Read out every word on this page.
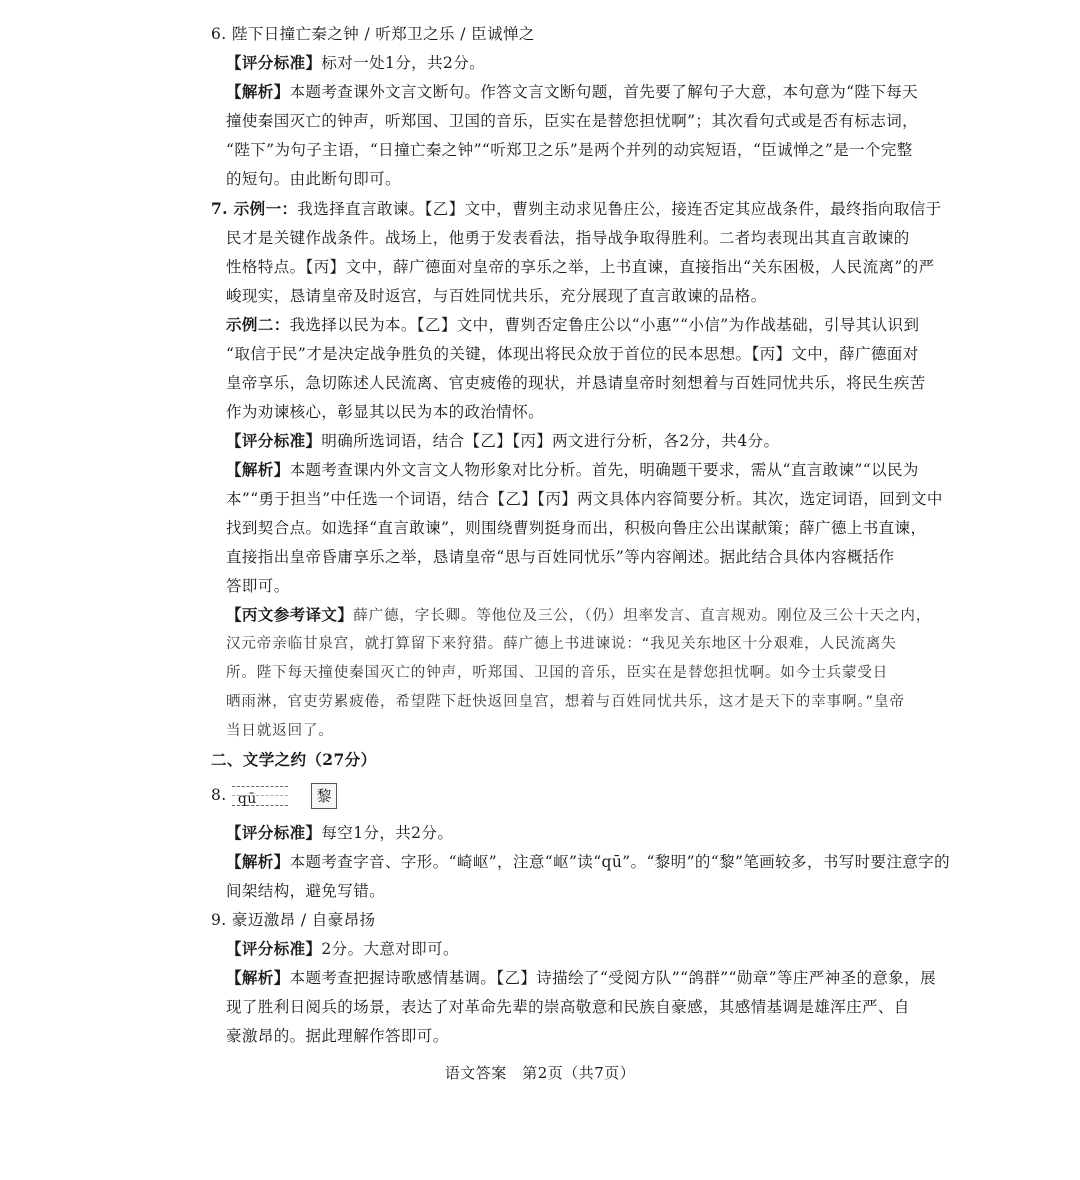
6. 陛下日撞亡秦之钟 / 听郑卫之乐 / 臣诚惮之
【评分标准】标对一处1分，共2分。
【解析】本题考查课外文言文断句。作答文言文断句题，首先要了解句子大意，本句意为“陛下每天
撞使秦国灭亡的钟声，听郑国、卫国的音乐，臣实在是替您担忧啊”；其次看句式或是否有标志词，
“陛下”为句子主语，“日撞亡秦之钟”“听郑卫之乐”是两个并列的动宾短语，“臣诚惮之”是一个完整
的短句。由此断句即可。
7. 示例一：我选择直言敢谏。【乙】文中，曹刿主动求见鲁庄公，接连否定其应战条件，最终指向取信于
民才是关键作战条件。战场上，他勇于发表看法，指导战争取得胜利。二者均表现出其直言敢谏的
性格特点。【丙】文中，薛广德面对皇帝的享乐之举，上书直谏，直接指出“关东困极，人民流离”的严
峻现实，恳请皇帝及时返宫，与百姓同忧共乐，充分展现了直言敢谏的品格。
示例二：我选择以民为本。【乙】文中，曹刿否定鲁庄公以“小惠”“小信”为作战基础，引导其认识到
“取信于民”才是决定战争胜负的关键，体现出将民众放于首位的民本思想。【丙】文中，薛广德面对
皇帝享乐，急切陈述人民流离、官吏疲倦的现状，并恳请皇帝时刻想着与百姓同忧共乐，将民生疾苦
作为劝谏核心，彰显其以民为本的政治情怀。
【评分标准】明确所选词语，结合【乙】【丙】两文进行分析，各2分，共4分。
【解析】本题考查课内外文言文人物形象对比分析。首先，明确题干要求，需从“直言敢谏”“以民为
本”“勇于担当”中任选一个词语，结合【乙】【丙】两文具体内容简要分析。其次，选定词语，回到文中
找到契合点。如选择“直言敢谏”，则围绕曹刿挺身而出，积极向鲁庄公出谋献策；薛广德上书直谏，
直接指出皇帝昏庸享乐之举，恳请皇帝“思与百姓同忧乐”等内容阐述。据此结合具体内容概括作
答即可。
【丙文参考译文】薛广德，字长卿。等他位及三公，（仍）坦率发言、直言规劝。刚位及三公十天之内，
汉元帝亲临甘泉宫，就打算留下来狩猎。薛广德上书进谏说：“我见关东地区十分艰难，人民流离失
所。陛下每天撞使秦国灭亡的钟声，听郑国、卫国的音乐，臣实在是替您担忧啊。如今士兵蒙受日
晒雨淋，官吏劳累疲倦，希望陛下赶快返回皇宫，想着与百姓同忧共乐，这才是天下的幸事啊。”皇帝
当日就返回了。
二、文学之约（27分）
8. qū	黎
【评分标准】每空1分，共2分。
【解析】本题考查字音、字形。“崎岖”，注意“岖”读“qū”。“黎明”的“黎”笔画较多，书写时要注意字的
间架结构，避免写错。
9. 豪迈激昂 / 自豪昂扬
【评分标准】2分。大意对即可。
【解析】本题考查把握诗歌感情基调。【乙】诗描绘了“受阅方队”“鸽群”“勋章”等庄严神圣的意象，展
现了胜利日阅兵的场景，表达了对革命先辈的崇高敬意和民族自豪感，其感情基调是雄浑庄严、自
豪激昂的。据此理解作答即可。
语文答案　第2页（共7页）
